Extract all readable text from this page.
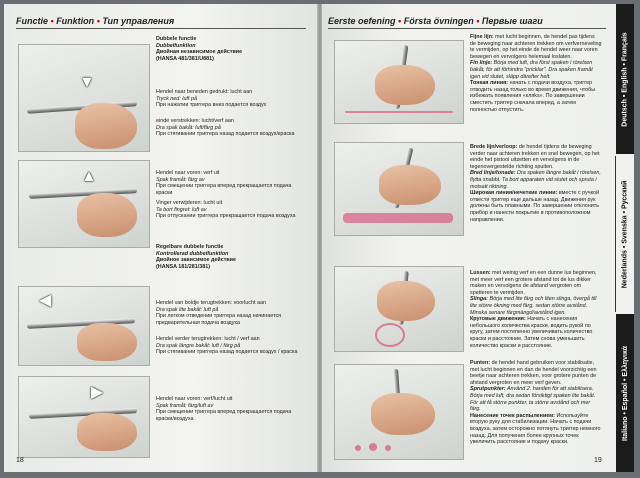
Functie • Funktion • Тип управления
Dubbele functie
Dubbelfunktion
Двойная независимое действие
(HANSA 481/381/U881)
▼
Hendel naar beneden gedrukt: lucht aan
Tryck ned: luft på
При нажатии триггера вниз подается воздух
einde verstrekken: lucht/verf aan
Dra spak bakåt: luft/färg på
При стягивании триггера назад подается воздух/краска
▲	Hendel naar voren: verf uit
Spak framåt: färg av
При смещении триггера вперед прекращается подача краски
Vinger verwijderen: lucht uit
Ta bort fingret: luft av
При отпускании триггера прекращается подача воздуха
Regelbare dubbele functie
Kontrollerad dubbelfunktion
Двойное зависимое действие
(HANSA 181/281/381)
◀	Hendel van boldje terugtrekken: voorlucht aan
Dra spak lite bakåt: luft på
При легком отведении триггера назад начинается предварительная подача воздуха
Hendel verder terugtrekken: lucht / verf aan
Dra spak längre bakåt: luft / färg på
При стягивании триггера назад подается воздух / краска
▶	Hendel naar voren: verf/lucht uit
Spak framåt: färg/luft av
При смещении триггера вперед прекращается подача краски/воздуха
18
Eerste oefening • Första övningen • Первые шаги
Fijne lijn: met lucht beginnen, de hendel pas tijdens de beweging naar achteren trekken om verfverneveling te vermijden, op het einde de hendel weer naar voren bewegen en vervolgens helemaal loslaten.
Fin linje: Börja med luft, dra först spaken i rörelsen bakåt, för att förhindra "pricklar". Dra spaken framåt igen vid slutet, släpp därefter helt.
Тонкая линия: начать с подачи воздуха, триггер отводить назад только во время движения, чтобы избежать появления «кляks». По завершении сместить триггер сначала вперед, а затем полностью отпустить.
Brede lijn/verloop: de hendel tijdens de beweging verder naar achteren trekken en snel bewegen, op het einde het pistool uitzetten en vervolgens in de tegenovergestelde richting spuiten.
Bred linje/tonade: Dra spaken längre bakåt i rörelsen, flytta snabbt. Ta bort apparaten vid slutet och spruta i motsatt riktning.
Широкая линия/нечеткие линии: вместе с ручкой отвести триггер еще дальше назад. Движения рук должны быть плавными. По завершении отклонить прибор и нанести покрытие в противоположном направлении.
Lussen: met weinig verf en een dunne lus beginnen, met meer verf een grotere afstand tot de lus dikker maken en vervolgens de afstand vergroten om spetteren te vermijden.
Slinga: Börja med lite färg och liten slinga, övergå till lite större ökning med färg, sedan större avstånd. Minska senare färgmängd/avstånd igen.
Круговые движения: Начать с нанесения небольшого количества краски, водить рукой по кругу, затем постепенно увеличивать количество краски и расстояние. Затем снова уменьшить количество краски и расстояние.
Punten: de hendel hand gebruiken voor stabilisatie, met lucht beginnen en dan de hendel voorzichtig een beetje naar achteren trekken, voor grotere punten de afstand vergroten en meer verf geven.
Sprutpunkter: Använd 2. handen för att stabilisera. Börja med luft, dra sedan försiktigt spaken lite bakåt. För att få större punkter, ta större avstånd och mer färg.
Нанесение точек распылением: Используйте вторую руку для стабилизации. Начать с подачи воздуха, затем осторожно потянуть триггер немного назад. Для получения более крупных точек увеличить расстояние и подачу краски.
19
Deutsch • English • Français
Nederlands • Svenska • Русский
Italiano • Español • Ελληνικά
